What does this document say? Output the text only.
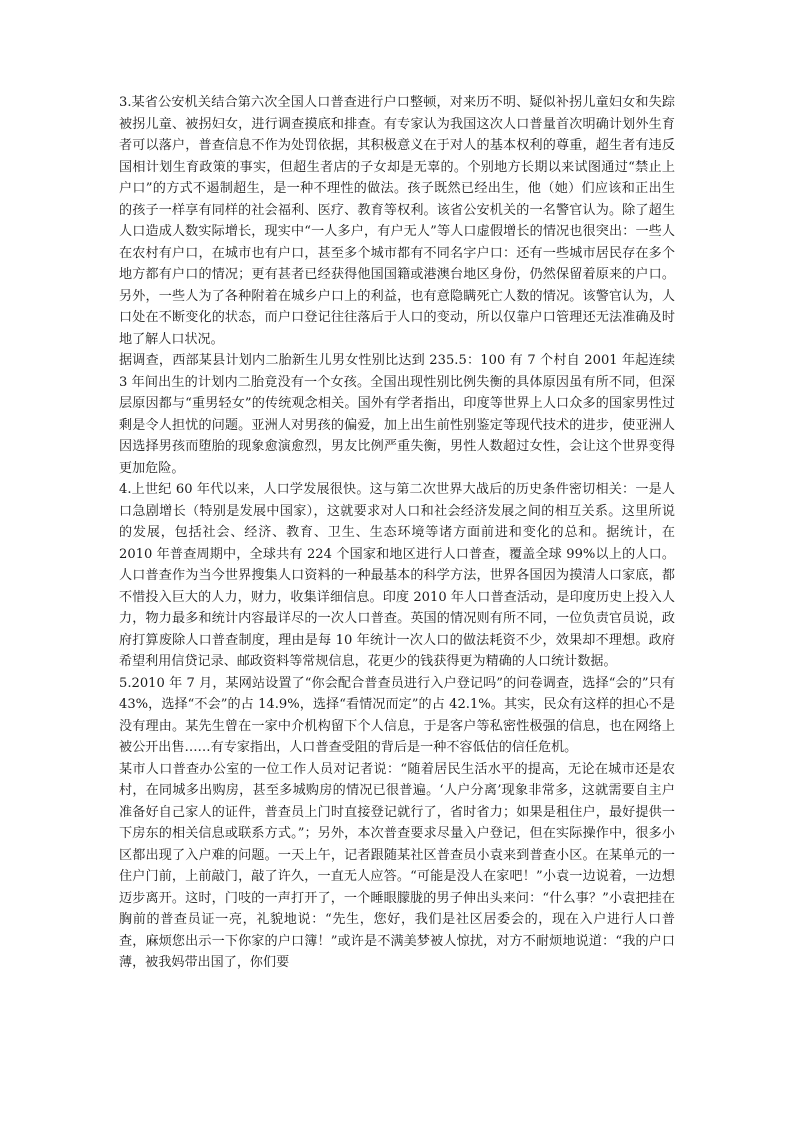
3.某省公安机关结合第六次全国人口普查进行户口整顿，对来历不明、疑似补拐儿童妇女和失踪被拐儿童、被拐妇女，进行调查摸底和排查。有专家认为我国这次人口普量首次明确计划外生育者可以落户，普查信息不作为处罚依据，其积极意义在于对人的基本权利的尊重，超生者有违反国相计划生育政策的事实，但超生者店的子女却是无辜的。个别地方长期以来试图通过“禁止上户口”的方式不遏制超生，是一种不理性的做法。孩子既然已经出生，他（她）们应该和正出生的孩子一样享有同样的社会福利、医疗、教育等权利。该省公安机关的一名警官认为。除了超生人口造成人数实际增长，现实中“一人多户，有户无人”等人口虚假增长的情况也很突出：一些人在农村有户口，在城市也有户口，甚至多个城市都有不同名字户口：还有一些城市居民存在多个地方都有户口的情况；更有甚者已经获得他国国籍或港澳台地区身份，仍然保留着原来的户口。另外，一些人为了各种附着在城乡户口上的利益，也有意隐瞒死亡人数的情况。该警官认为，人口处在不断变化的状态，而户口登记往往落后于人口的变动，所以仅靠户口管理还无法准确及时地了解人口状况。

据调查，西部某县计划内二胎新生儿男女性别比达到 235.5：100 有 7 个村自 2001 年起连续 3 年间出生的计划内二胎竟没有一个女孩。全国出现性别比例失衡的具体原因虽有所不同，但深层原因都与“重男轻女”的传统观念相关。国外有学者指出，印度等世界上人口众多的国家男性过剩是令人担忧的问题。亚洲人对男孩的偏爱，加上出生前性别鉴定等现代技术的进步，使亚洲人因选择男孩而堕胎的现象愈演愈烈，男友比例严重失衡，男性人数超过女性，会让这个世界变得更加危险。

4.上世纪 60 年代以来，人口学发展很快。这与第二次世界大战后的历史条件密切相关：一是人口急剧增长（特别是发展中国家），这就要求对人口和社会经济发展之间的相互关系。这里所说的发展，包括社会、经济、教育、卫生、生态环境等诸方面前进和变化的总和。据统计，在 2010 年普查周期中，全球共有 224 个国家和地区进行人口普查，覆盖全球 99%以上的人口。人口普查作为当今世界搜集人口资料的一种最基本的科学方法，世界各国因为摸清人口家底，都不惜投入巨大的人力，财力，收集详细信息。印度 2010 年人口普查活动，是印度历史上投入人力，物力最多和统计内容最详尽的一次人口普查。英国的情况则有所不同，一位负责官员说，政府打算废除人口普查制度，理由是每 10 年统计一次人口的做法耗资不少，效果却不理想。政府希望利用信贷记录、邮政资料等常规信息，花更少的钱获得更为精确的人口统计数据。

5.2010 年 7 月，某网站设置了“你会配合普查员进行入户登记吗”的问卷调查，选择“会的”只有 43%，选择“不会”的占 14.9%，选择“看情况而定”的占 42.1%。其实，民众有这样的担心不是没有理由。某先生曾在一家中介机构留下个人信息，于是客户等私密性极强的信息，也在网络上被公开出售……有专家指出，人口普查受阻的背后是一种不容低估的信任危机。

某市人口普查办公室的一位工作人员对记者说：“随着居民生活水平的提高，无论在城市还是农村，在同城多出购房，甚至多城购房的情况已很普遍。‘人户分离’现象非常多，这就需要自主户准备好自己家人的证件，普查员上门时直接登记就行了，省时省力；如果是租住户，最好提供一下房东的相关信息或联系方式。”；另外，本次普查要求尽量入户登记，但在实际操作中，很多小区都出现了入户难的问题。一天上午，记者跟随某社区普查员小袁来到普查小区。在某单元的一住户门前，上前敲门，敲了许久，一直无人应答。“可能是没人在家吧！”小袁一边说着，一边想迈步离开。这时，门吱的一声打开了，一个睡眼朦胧的男子伸出头来问：“什么事？”小袁把挂在胸前的普查员证一亮，礼貌地说：“先生，您好，我们是社区居委会的，现在入户进行人口普查，麻烦您出示一下你家的户口簿！”或许是不满美梦被人惊扰，对方不耐烦地说道：“我的户口薄，被我妈带出国了，你们要
